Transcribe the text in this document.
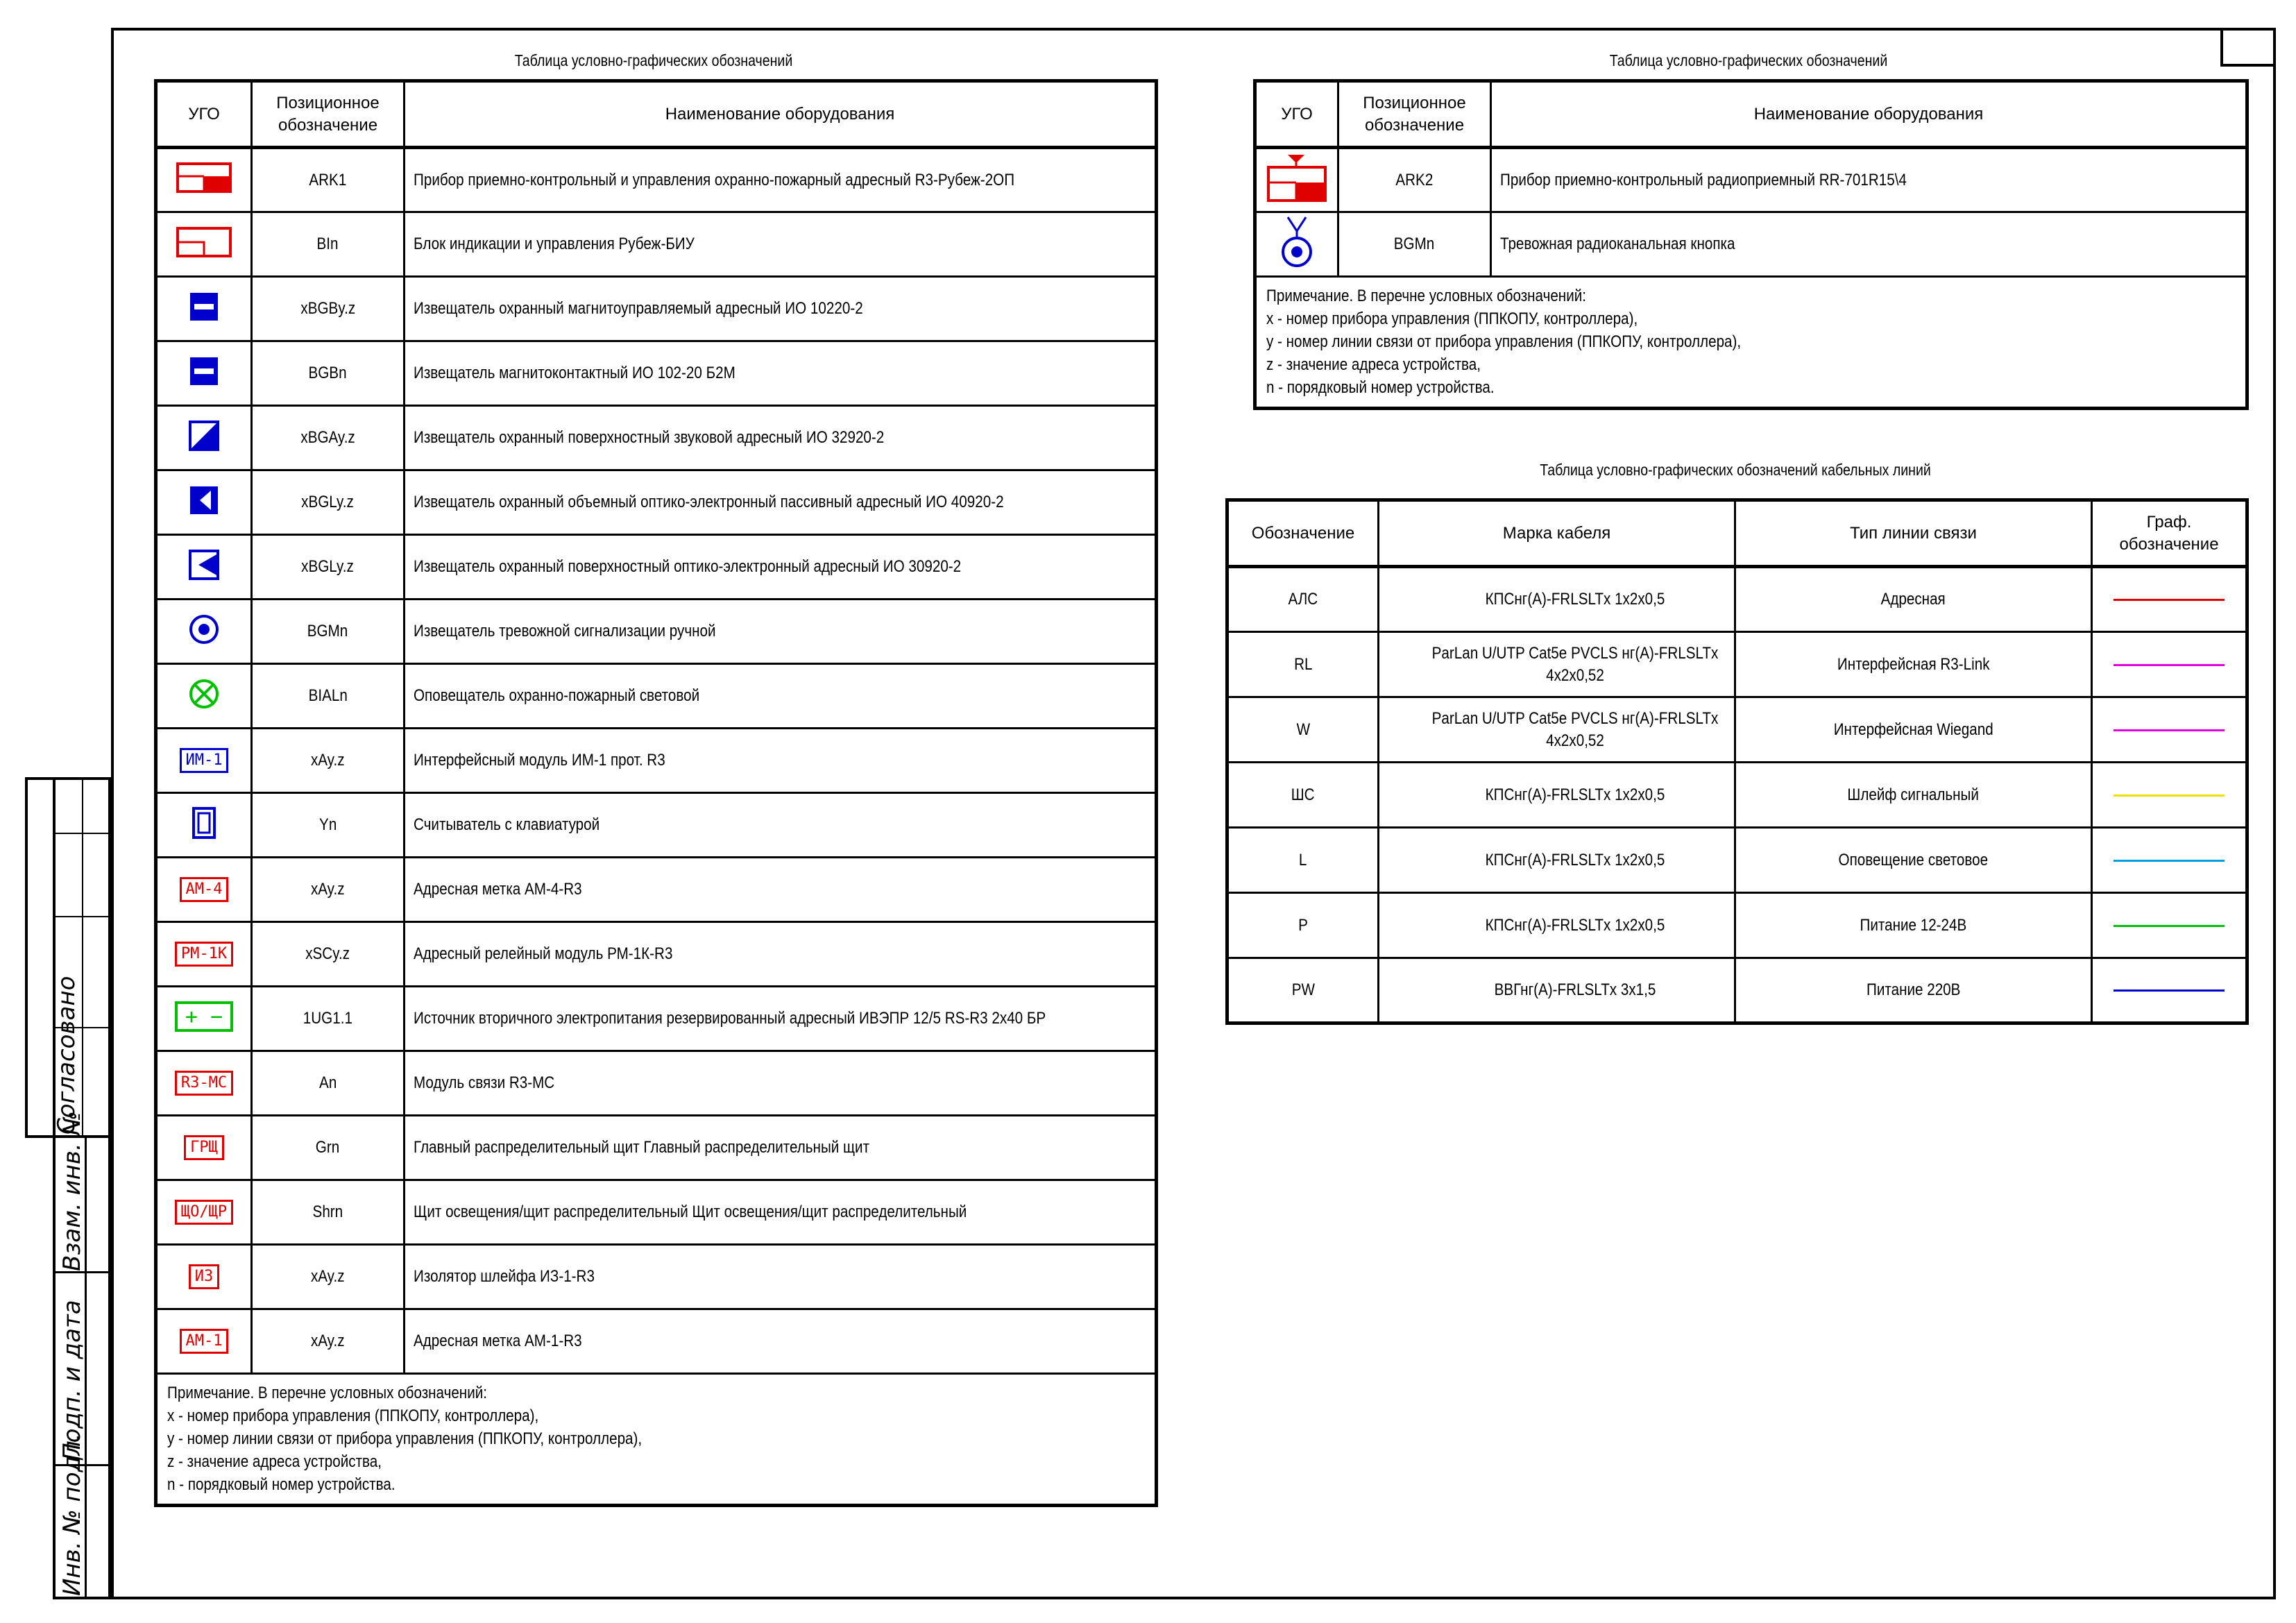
Согласовано
Взам. инв. №
Подп. и дата
Инв. № подл.
Таблица условно-графических обозначений
УГО	Позиционное обозначение	Наименование оборудования
	ARK1	Прибор приемно-контрольный и управления охранно-пожарный адресный R3-Рубеж-2ОП
	BIn	Блок индикации и управления Рубеж-БИУ
	xBGBy.z	Извещатель охранный магнитоуправляемый адресный ИО 10220-2
	BGBn	Извещатель магнитоконтактный ИО 102-20 Б2М
	xBGAy.z	Извещатель охранный поверхностный звуковой адресный ИО 32920-2
	xBGLy.z	Извещатель охранный объемный оптико-электронный пассивный адресный ИО 40920-2
	xBGLy.z	Извещатель охранный поверхностный оптико-электронный адресный ИО 30920-2
	BGMn	Извещатель тревожной сигнализации ручной
	BIALn	Оповещатель охранно-пожарный световой
ИМ-1	xAy.z	Интерфейсный модуль ИМ-1 прот. R3
	Yn	Считыватель с клавиатурой
АМ-4	xAy.z	Адресная метка АМ-4-R3
РМ-1К	xSCy.z	Адресный релейный модуль РМ-1К-R3

+ −	1UG1.1	Источник вторичного электропитания резервированный адресный ИВЭПР 12/5 RS-R3 2х40 БР
R3-МС	An	Модуль связи R3-МС
ГРЩ	Grn	Главный распределительный щит Главный распределительный щит
ЩО/ЩР	Shrn	Щит освещения/щит распределительный Щит освещения/щит распределительный
ИЗ	xAy.z	Изолятор шлейфа ИЗ-1-R3
АМ-1	xAy.z	Адресная метка АМ-1-R3

Примечание. В перечне условных обозначений:
x - номер прибора управления (ППКОПУ, контроллера),
y - номер линии связи от прибора управления (ППКОПУ, контроллера),
z - значение адреса устройства,
n - порядковый номер устройства.		
Таблица условно-графических обозначений
УГО	Позиционное обозначение	Наименование оборудования
	ARK2	Прибор приемно-контрольный радиоприемный RR-701R15\4
	BGMn	Тревожная радиоканальная кнопка

Примечание. В перечне условных обозначений:
x - номер прибора управления (ППКОПУ, контроллера),
y - номер линии связи от прибора управления (ППКОПУ, контроллера),
z - значение адреса устройства,
n - порядковый номер устройства.		
Таблица условно-графических обозначений кабельных линий
Обозначение	Марка кабеля	Тип линии связи	Граф. обозначение
АЛС	КПСнг(А)-FRLSLTx 1х2х0,5	Адресная	
RL	ParLan U/UTP Cat5e PVCLS нг(А)-FRLSLTx 4х2х0,52	Интерфейсная R3-Link	
W	ParLan U/UTP Cat5e PVCLS нг(А)-FRLSLTx 4х2х0,52	Интерфейсная Wiegand	
ШС	КПСнг(А)-FRLSLTx 1х2х0,5	Шлейф сигнальный	
L	КПСнг(А)-FRLSLTx 1х2х0,5	Оповещение световое	
P	КПСнг(А)-FRLSLTx 1х2х0,5	Питание 12-24В	
PW	ВВГнг(А)-FRLSLTx 3х1,5	Питание 220В	
